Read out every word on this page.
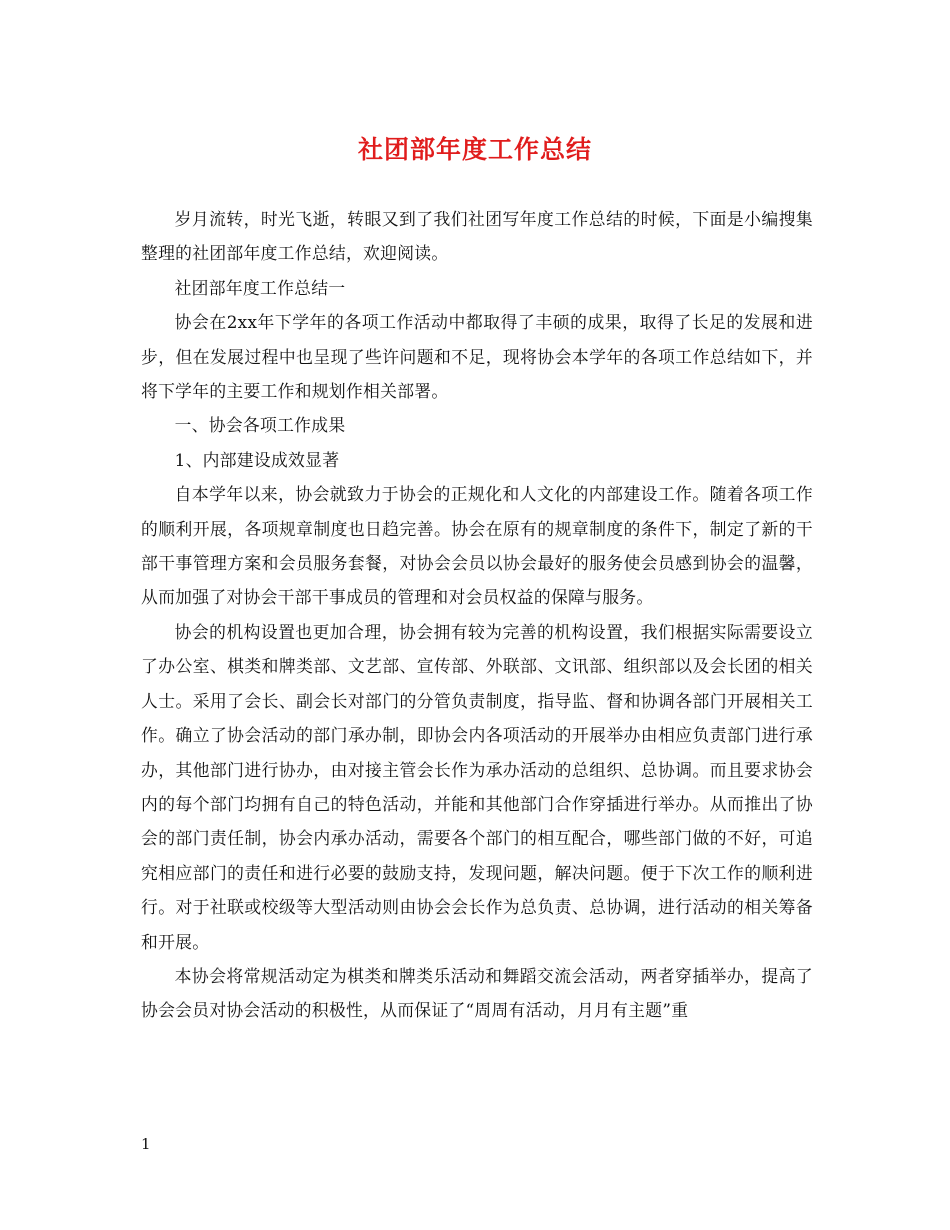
社团部年度工作总结

岁月流转，时光飞逝，转眼又到了我们社团写年度工作总结的时候，下面是小编搜集整理的社团部年度工作总结，欢迎阅读。

社团部年度工作总结一

协会在2xx年下学年的各项工作活动中都取得了丰硕的成果，取得了长足的发展和进步，但在发展过程中也呈现了些许问题和不足，现将协会本学年的各项工作总结如下，并将下学年的主要工作和规划作相关部署。

一、协会各项工作成果

1、内部建设成效显著

自本学年以来，协会就致力于协会的正规化和人文化的内部建设工作。随着各项工作的顺利开展，各项规章制度也日趋完善。协会在原有的规章制度的条件下，制定了新的干部干事管理方案和会员服务套餐，对协会会员以协会最好的服务使会员感到协会的温馨，从而加强了对协会干部干事成员的管理和对会员权益的保障与服务。

协会的机构设置也更加合理，协会拥有较为完善的机构设置，我们根据实际需要设立了办公室、棋类和牌类部、文艺部、宣传部、外联部、文讯部、组织部以及会长团的相关人士。采用了会长、副会长对部门的分管负责制度，指导监、督和协调各部门开展相关工作。确立了协会活动的部门承办制，即协会内各项活动的开展举办由相应负责部门进行承办，其他部门进行协办，由对接主管会长作为承办活动的总组织、总协调。而且要求协会内的每个部门均拥有自己的特色活动，并能和其他部门合作穿插进行举办。从而推出了协会的部门责任制，协会内承办活动，需要各个部门的相互配合，哪些部门做的不好，可追究相应部门的责任和进行必要的鼓励支持，发现问题，解决问题。便于下次工作的顺利进行。对于社联或校级等大型活动则由协会会长作为总负责、总协调，进行活动的相关筹备和开展。

本协会将常规活动定为棋类和牌类乐活动和舞蹈交流会活动，两者穿插举办，提高了协会会员对协会活动的积极性，从而保证了“周周有活动，月月有主题”重

1
